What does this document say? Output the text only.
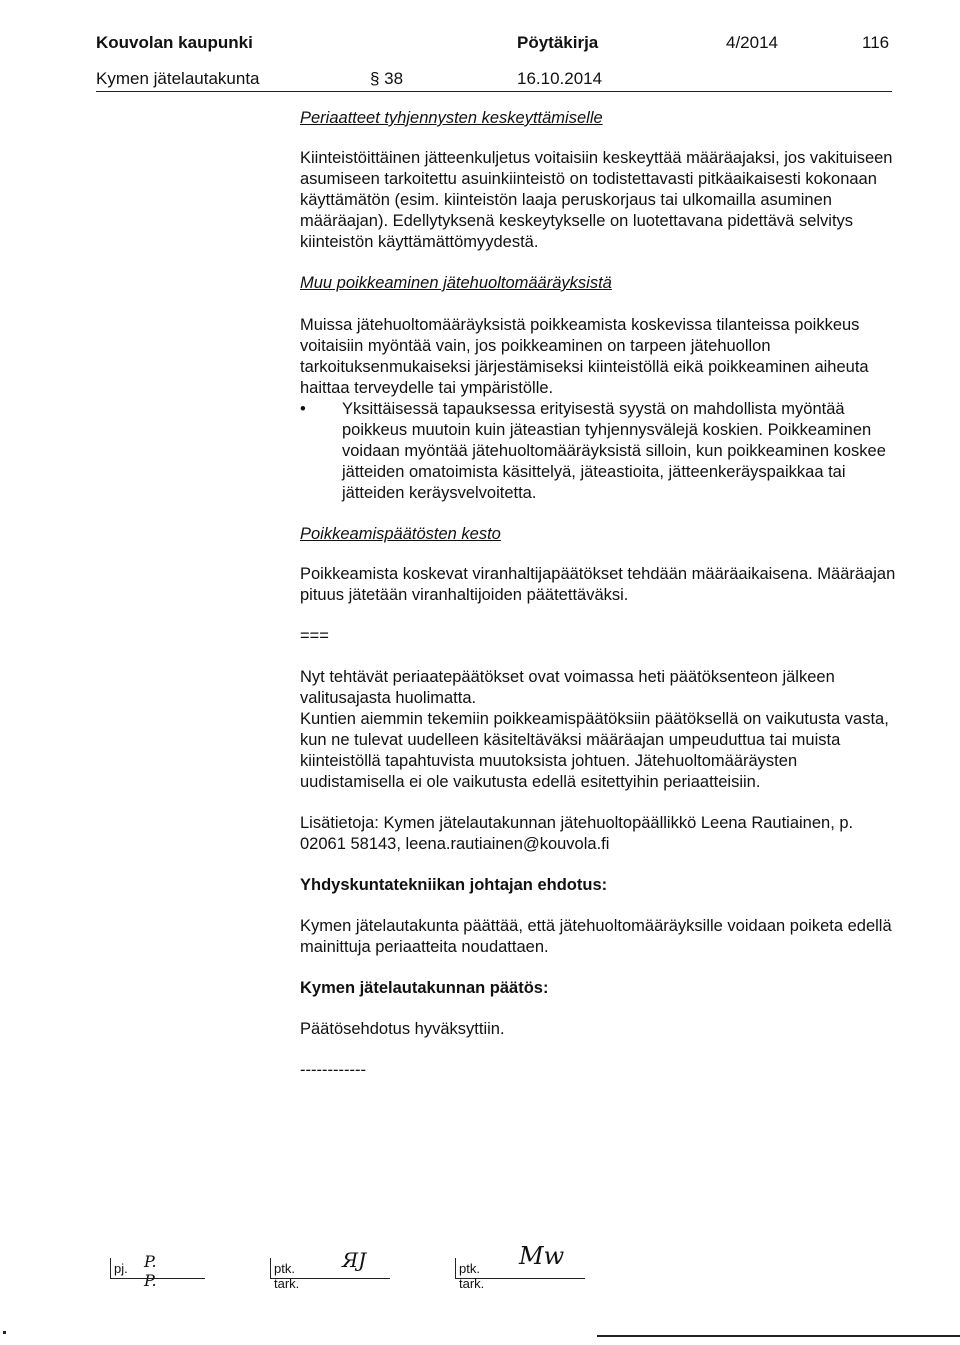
Kouvolan kaupunki	Pöytäkirja	4/2014	116
Kymen jätelautakunta	§ 38	16.10.2014

Periaatteet tyhjennysten keskeyttämiselle

Kiinteistöittäinen jätteenkuljetus voitaisiin keskeyttää määräajaksi, jos vakituiseen asumiseen tarkoitettu asuinkiinteistö on todistettavasti pitkäaikaisesti kokonaan käyttämätön (esim. kiinteistön laaja peruskorjaus tai ulkomailla asuminen määräajan). Edellytyksenä keskeytykselle on luotettavana pidettävä selvitys kiinteistön käyttämättömyydestä.

Muu poikkeaminen jätehuoltomääräyksistä

Muissa jätehuoltomääräyksistä poikkeamista koskevissa tilanteissa poikkeus voitaisiin myöntää vain, jos poikkeaminen on tarpeen jätehuollon tarkoituksenmukaiseksi järjestämiseksi kiinteistöllä eikä poikkeaminen aiheuta haittaa terveydelle tai ympäristölle.

•	Yksittäisessä tapauksessa erityisestä syystä on mahdollista myöntää poikkeus muutoin kuin jäteastian tyhjennysvälejä koskien. Poikkeaminen voidaan myöntää jätehuoltomääräyksistä silloin, kun poikkeaminen koskee jätteiden omatoimista käsittelyä, jäteastioita, jätteenkeräyspaikkaa tai jätteiden keräysvelvoitetta.

Poikkeamispäätösten kesto

Poikkeamista koskevat viranhaltijapäätökset tehdään määräaikaisena. Määräajan pituus jätetään viranhaltijoiden päätettäväksi.

===

Nyt tehtävät periaatepäätökset ovat voimassa heti päätöksenteon jälkeen valitusajasta huolimatta.

Kuntien aiemmin tekemiin poikkeamispäätöksiin päätöksellä on vaikutusta vasta, kun ne tulevat uudelleen käsiteltäväksi määräajan umpeuduttua tai muista kiinteistöllä tapahtuvista muutoksista johtuen. Jätehuoltomääräysten uudistamisella ei ole vaikutusta edellä esitettyihin periaatteisiin.

Lisätietoja: Kymen jätelautakunnan jätehuoltopäällikkö Leena Rautiainen, p. 02061 58143, leena.rautiainen@kouvola.fi

Yhdyskuntatekniikan johtajan ehdotus:

Kymen jätelautakunta päättää, että jätehuoltomääräyksille voidaan poiketa edellä mainittuja periaatteita noudattaen.

Kymen jätelautakunnan päätös:

Päätösehdotus hyväksyttiin.

------------

pj. P. P.
ptk. tark.
ЯJ	ptk. tark.
Mw
